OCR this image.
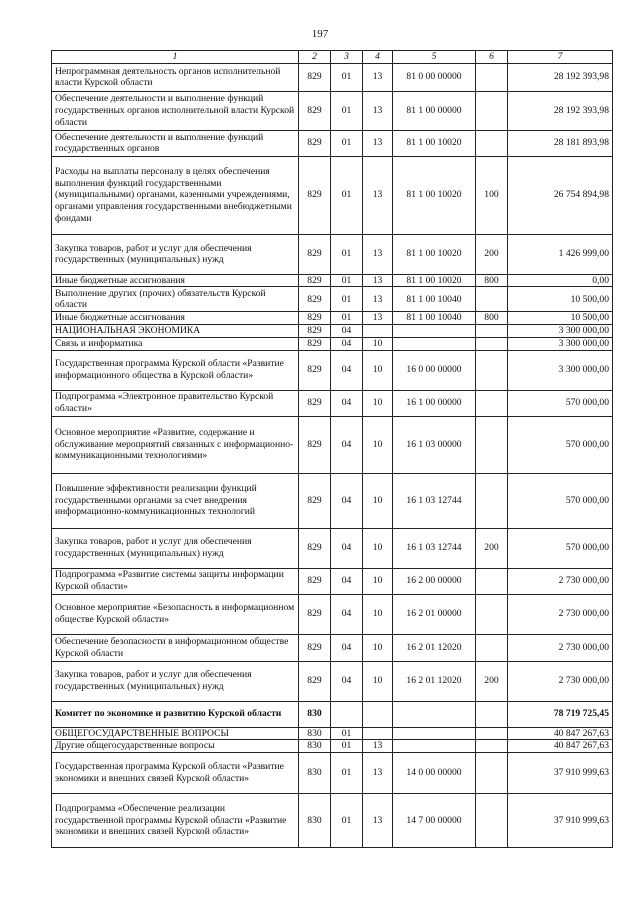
197
1	2	3	4	5	6	7
Непрограммная деятельность органов исполнительной власти Курской области	829	01	13	81 0 00 00000		28 192 393,98
Обеспечение деятельности и выполнение функций государственных органов исполнительной власти Курской области	829	01	13	81 1 00 00000		28 192 393,98
Обеспечение деятельности и выполнение функций государственных органов	829	01	13	81 1 00 10020		28 181 893,98
Расходы на выплаты персоналу в целях обеспечения выполнения функций государственными (муниципальными) органами, казенными учреждениями, органами управления государственными внебюджетными фондами	829	01	13	81 1 00 10020	100	26 754 894,98
Закупка товаров, работ и услуг для обеспечения государственных (муниципальных) нужд	829	01	13	81 1 00 10020	200	1 426 999,00
Иные бюджетные ассигнования	829	01	13	81 1 00 10020	800	0,00
Выполнение других (прочих) обязательств Курской области	829	01	13	81 1 00 10040		10 500,00
Иные бюджетные ассигнования	829	01	13	81 1 00 10040	800	10 500,00
НАЦИОНАЛЬНАЯ ЭКОНОМИКА	829	04				3 300 000,00
Связь и информатика	829	04	10			3 300 000,00
Государственная программа Курской области «Развитие информационного общества в Курской области»	829	04	10	16 0 00 00000		3 300 000,00
Подпрограмма «Электронное правительство Курской области»	829	04	10	16 1 00 00000		570 000,00
Основное мероприятие «Развитие, содержание и обслуживание мероприятий связанных с информационно-коммуникационными технологиями»	829	04	10	16 1 03 00000		570 000,00
Повышение эффективности реализации функций государственными органами за счет внедрения информационно-коммуникационных технологий	829	04	10	16 1 03 12744		570 000,00
Закупка товаров, работ и услуг для обеспечения государственных (муниципальных) нужд	829	04	10	16 1 03 12744	200	570 000,00
Подпрограмма «Развитие системы защиты информации Курской области»	829	04	10	16 2 00 00000		2 730 000,00
Основное мероприятие «Безопасность в информационном обществе Курской области»	829	04	10	16 2 01 00000		2 730 000,00
Обеспечение безопасности в информационном обществе Курской области	829	04	10	16 2 01 12020		2 730 000,00
Закупка товаров, работ и услуг для обеспечения государственных (муниципальных) нужд	829	04	10	16 2 01 12020	200	2 730 000,00
Комитет по экономике и развитию Курской области	830					78 719 725,45
ОБЩЕГОСУДАРСТВЕННЫЕ ВОПРОСЫ	830	01				40 847 267,63
Другие общегосударственные вопросы	830	01	13			40 847 267,63
Государственная программа Курской области «Развитие экономики и внешних связей Курской области»	830	01	13	14 0 00 00000		37 910 999,63
Подпрограмма «Обеспечение реализации государственной программы Курской области «Развитие экономики и внешних связей Курской области»	830	01	13	14 7 00 00000		37 910 999,63
